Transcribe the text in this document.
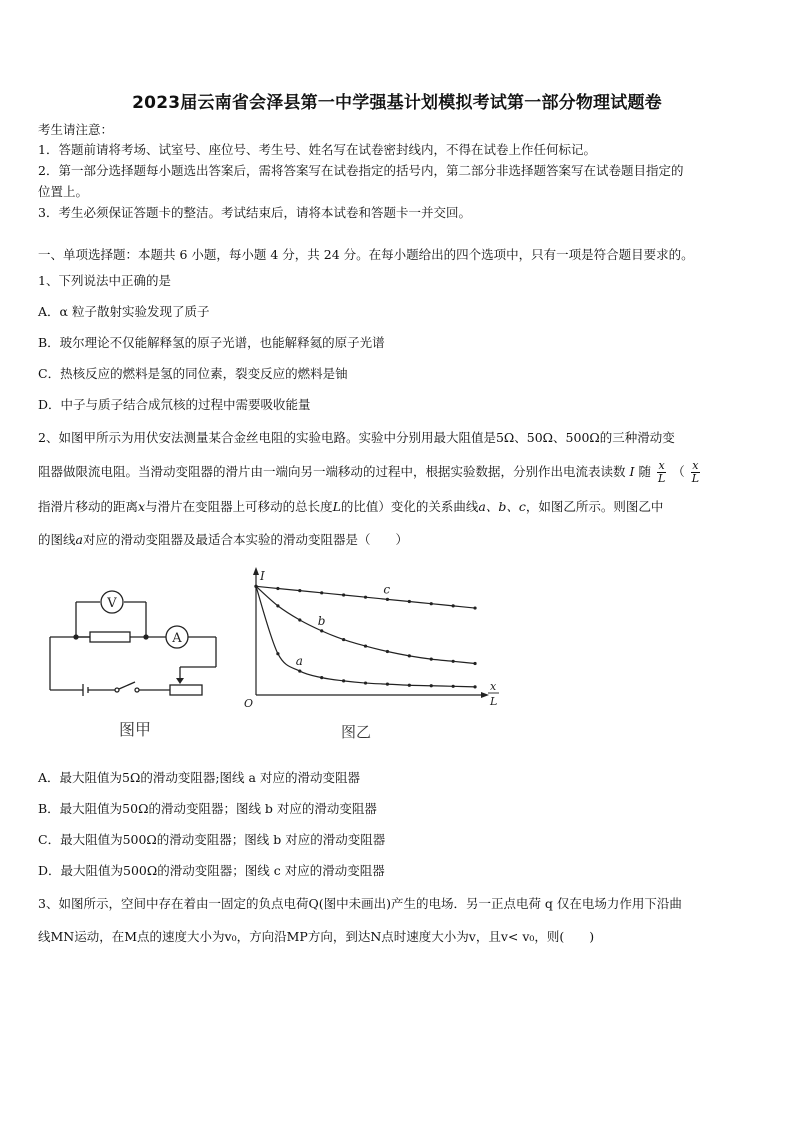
2023届云南省会泽县第一中学强基计划模拟考试第一部分物理试题卷
考生请注意：
1．答题前请将考场、试室号、座位号、考生号、姓名写在试卷密封线内，不得在试卷上作任何标记。
2．第一部分选择题每小题选出答案后，需将答案写在试卷指定的括号内，第二部分非选择题答案写在试卷题目指定的
位置上。
3．考生必须保证答题卡的整洁。考试结束后，请将本试卷和答题卡一并交回。
一、单项选择题：本题共 6 小题，每小题 4 分，共 24 分。在每小题给出的四个选项中，只有一项是符合题目要求的。
1、下列说法中正确的是
A．α 粒子散射实验发现了质子
B．玻尔理论不仅能解释氢的原子光谱，也能解释氦的原子光谱
C．热核反应的燃料是氢的同位素，裂变反应的燃料是铀
D．中子与质子结合成氘核的过程中需要吸收能量
2、如图甲所示为用伏安法测量某合金丝电阻的实验电路。实验中分别用最大阻值是5Ω、50Ω、500Ω的三种滑动变
阻器做限流电阻。当滑动变阻器的滑片由一端向另一端移动的过程中，根据实验数据，分别作出电流表读数 I 随 $\frac{x}{L}$ （ $\frac{x}{L}$
指滑片移动的距离x与滑片在变阻器上可移动的总长度L的比值）变化的关系曲线a、b、c，如图乙所示。则图乙中
的图线a对应的滑动变阻器及最适合本实验的滑动变阻器是（　　）
V
A
图甲
I
O
x
c
b
a
图乙
L
A．最大阻值为5Ω的滑动变阻器;图线 a 对应的滑动变阻器
B．最大阻值为50Ω的滑动变阻器；图线 b 对应的滑动变阻器
C．最大阻值为500Ω的滑动变阻器；图线 b 对应的滑动变阻器
D．最大阻值为500Ω的滑动变阻器；图线 c 对应的滑动变阻器
3、如图所示，空间中存在着由一固定的负点电荷Q(图中未画出)产生的电场．另一正点电荷 q 仅在电场力作用下沿曲
线MN运动，在M点的速度大小为v₀，方向沿MP方向，到达N点时速度大小为v，且v< v₀，则(　　)
